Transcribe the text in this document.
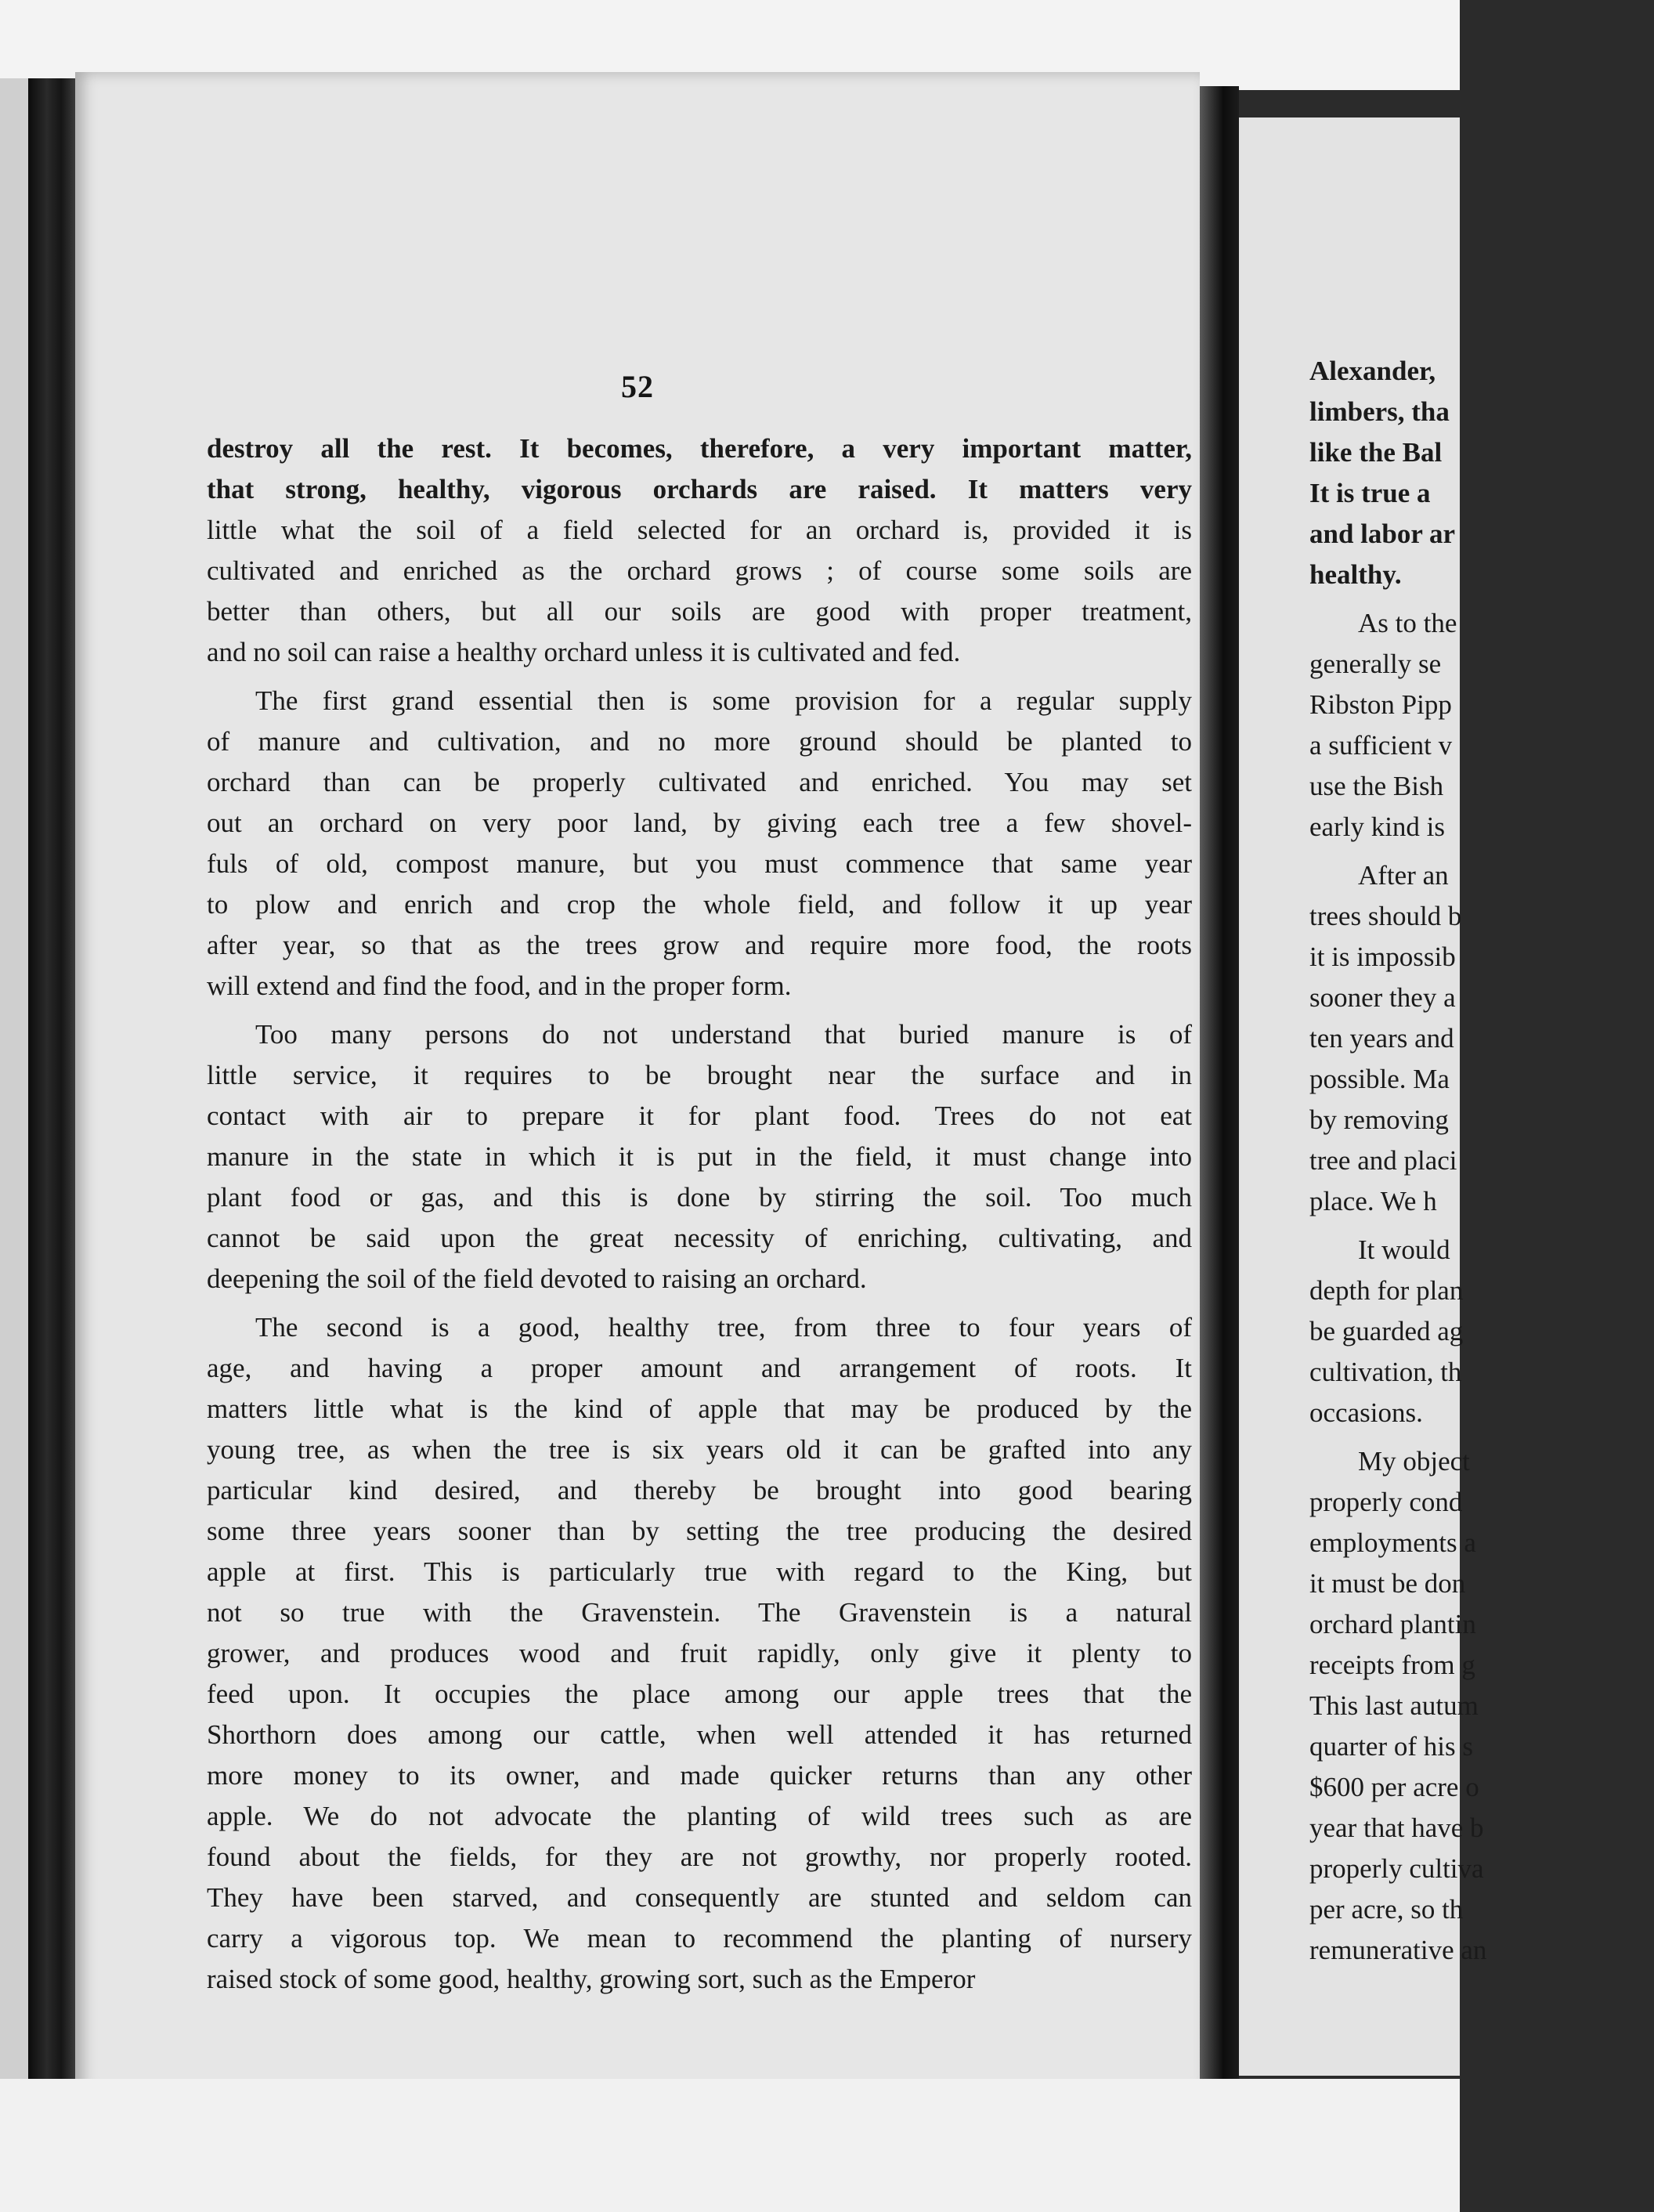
52
destroy all the rest. It becomes, therefore, a very important matter,
that strong, healthy, vigorous orchards are raised. It matters very
little what the soil of a field selected for an orchard is, provided it is
cultivated and enriched as the orchard grows ; of course some soils are
better than others, but all our soils are good with proper treatment,
and no soil can raise a healthy orchard unless it is cultivated and fed.
The first grand essential then is some provision for a regular supply
of manure and cultivation, and no more ground should be planted to
orchard than can be properly cultivated and enriched. You may set
out an orchard on very poor land, by giving each tree a few shovel-
fuls of old, compost manure, but you must commence that same year
to plow and enrich and crop the whole field, and follow it up year
after year, so that as the trees grow and require more food, the roots
will extend and find the food, and in the proper form.
Too many persons do not understand that buried manure is of
little service, it requires to be brought near the surface and in
contact with air to prepare it for plant food. Trees do not eat
manure in the state in which it is put in the field, it must change into
plant food or gas, and this is done by stirring the soil. Too much
cannot be said upon the great necessity of enriching, cultivating, and
deepening the soil of the field devoted to raising an orchard.
The second is a good, healthy tree, from three to four years of
age, and having a proper amount and arrangement of roots. It
matters little what is the kind of apple that may be produced by the
young tree, as when the tree is six years old it can be grafted into any
particular kind desired, and thereby be brought into good bearing
some three years sooner than by setting the tree producing the desired
apple at first. This is particularly true with regard to the King, but
not so true with the Gravenstein. The Gravenstein is a natural
grower, and produces wood and fruit rapidly, only give it plenty to
feed upon. It occupies the place among our apple trees that the
Shorthorn does among our cattle, when well attended it has returned
more money to its owner, and made quicker returns than any other
apple. We do not advocate the planting of wild trees such as are
found about the fields, for they are not growthy, nor properly rooted.
They have been starved, and consequently are stunted and seldom can
carry a vigorous top. We mean to recommend the planting of nursery
raised stock of some good, healthy, growing sort, such as the Emperor
Alexander,
limbers, tha
like the Bal
It is true a
and labor ar
healthy.
As to the
generally se
Ribston Pipp
a sufficient v
use the Bish
early kind is
After an
trees should b
it is impossib
sooner they a
ten years and
possible. Ma
by removing
tree and placi
place. We h
It would
depth for plan
be guarded ag
cultivation, th
occasions.
My object
properly cond
employments a
it must be don
orchard plantin
receipts from g
This last autum
quarter of his s
$600 per acre o
year that have b
properly cultiva
per acre, so th
remunerative an
